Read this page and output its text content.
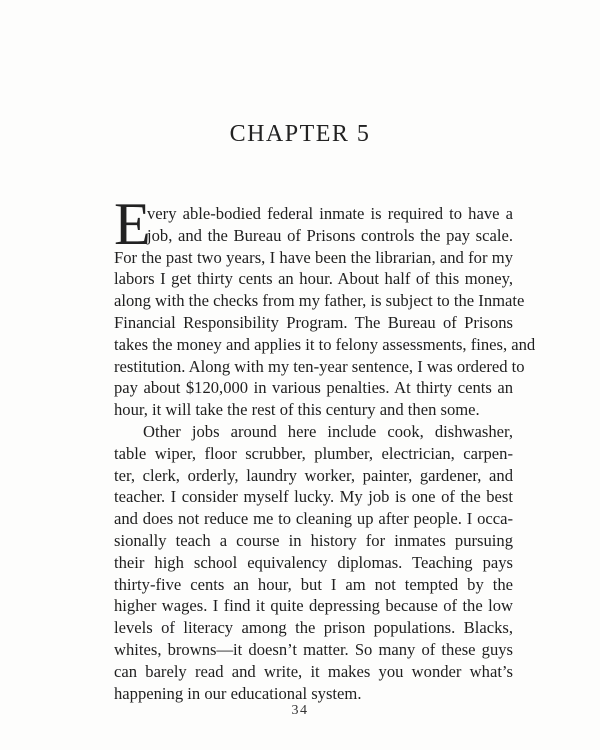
CHAPTER 5
E
very able-bodied federal inmate is required to have a
job, and the Bureau of Prisons controls the pay scale.
For the past two years, I have been the librarian, and for my
labors I get thirty cents an hour. About half of this money,
along with the checks from my father, is subject to the Inmate
Financial Responsibility Program. The Bureau of Prisons
takes the money and applies it to felony assessments, fines, and
restitution. Along with my ten-year sentence, I was ordered to
pay about $120,000 in various penalties. At thirty cents an
hour, it will take the rest of this century and then some.
Other jobs around here include cook, dishwasher,
table wiper, floor scrubber, plumber, electrician, carpen-
ter, clerk, orderly, laundry worker, painter, gardener, and
teacher. I consider myself lucky. My job is one of the best
and does not reduce me to cleaning up after people. I occa-
sionally teach a course in history for inmates pursuing
their high school equivalency diplomas. Teaching pays
thirty-five cents an hour, but I am not tempted by the
higher wages. I find it quite depressing because of the low
levels of literacy among the prison populations. Blacks,
whites, browns—it doesn’t matter. So many of these guys
can barely read and write, it makes you wonder what’s
happening in our educational system.
34
